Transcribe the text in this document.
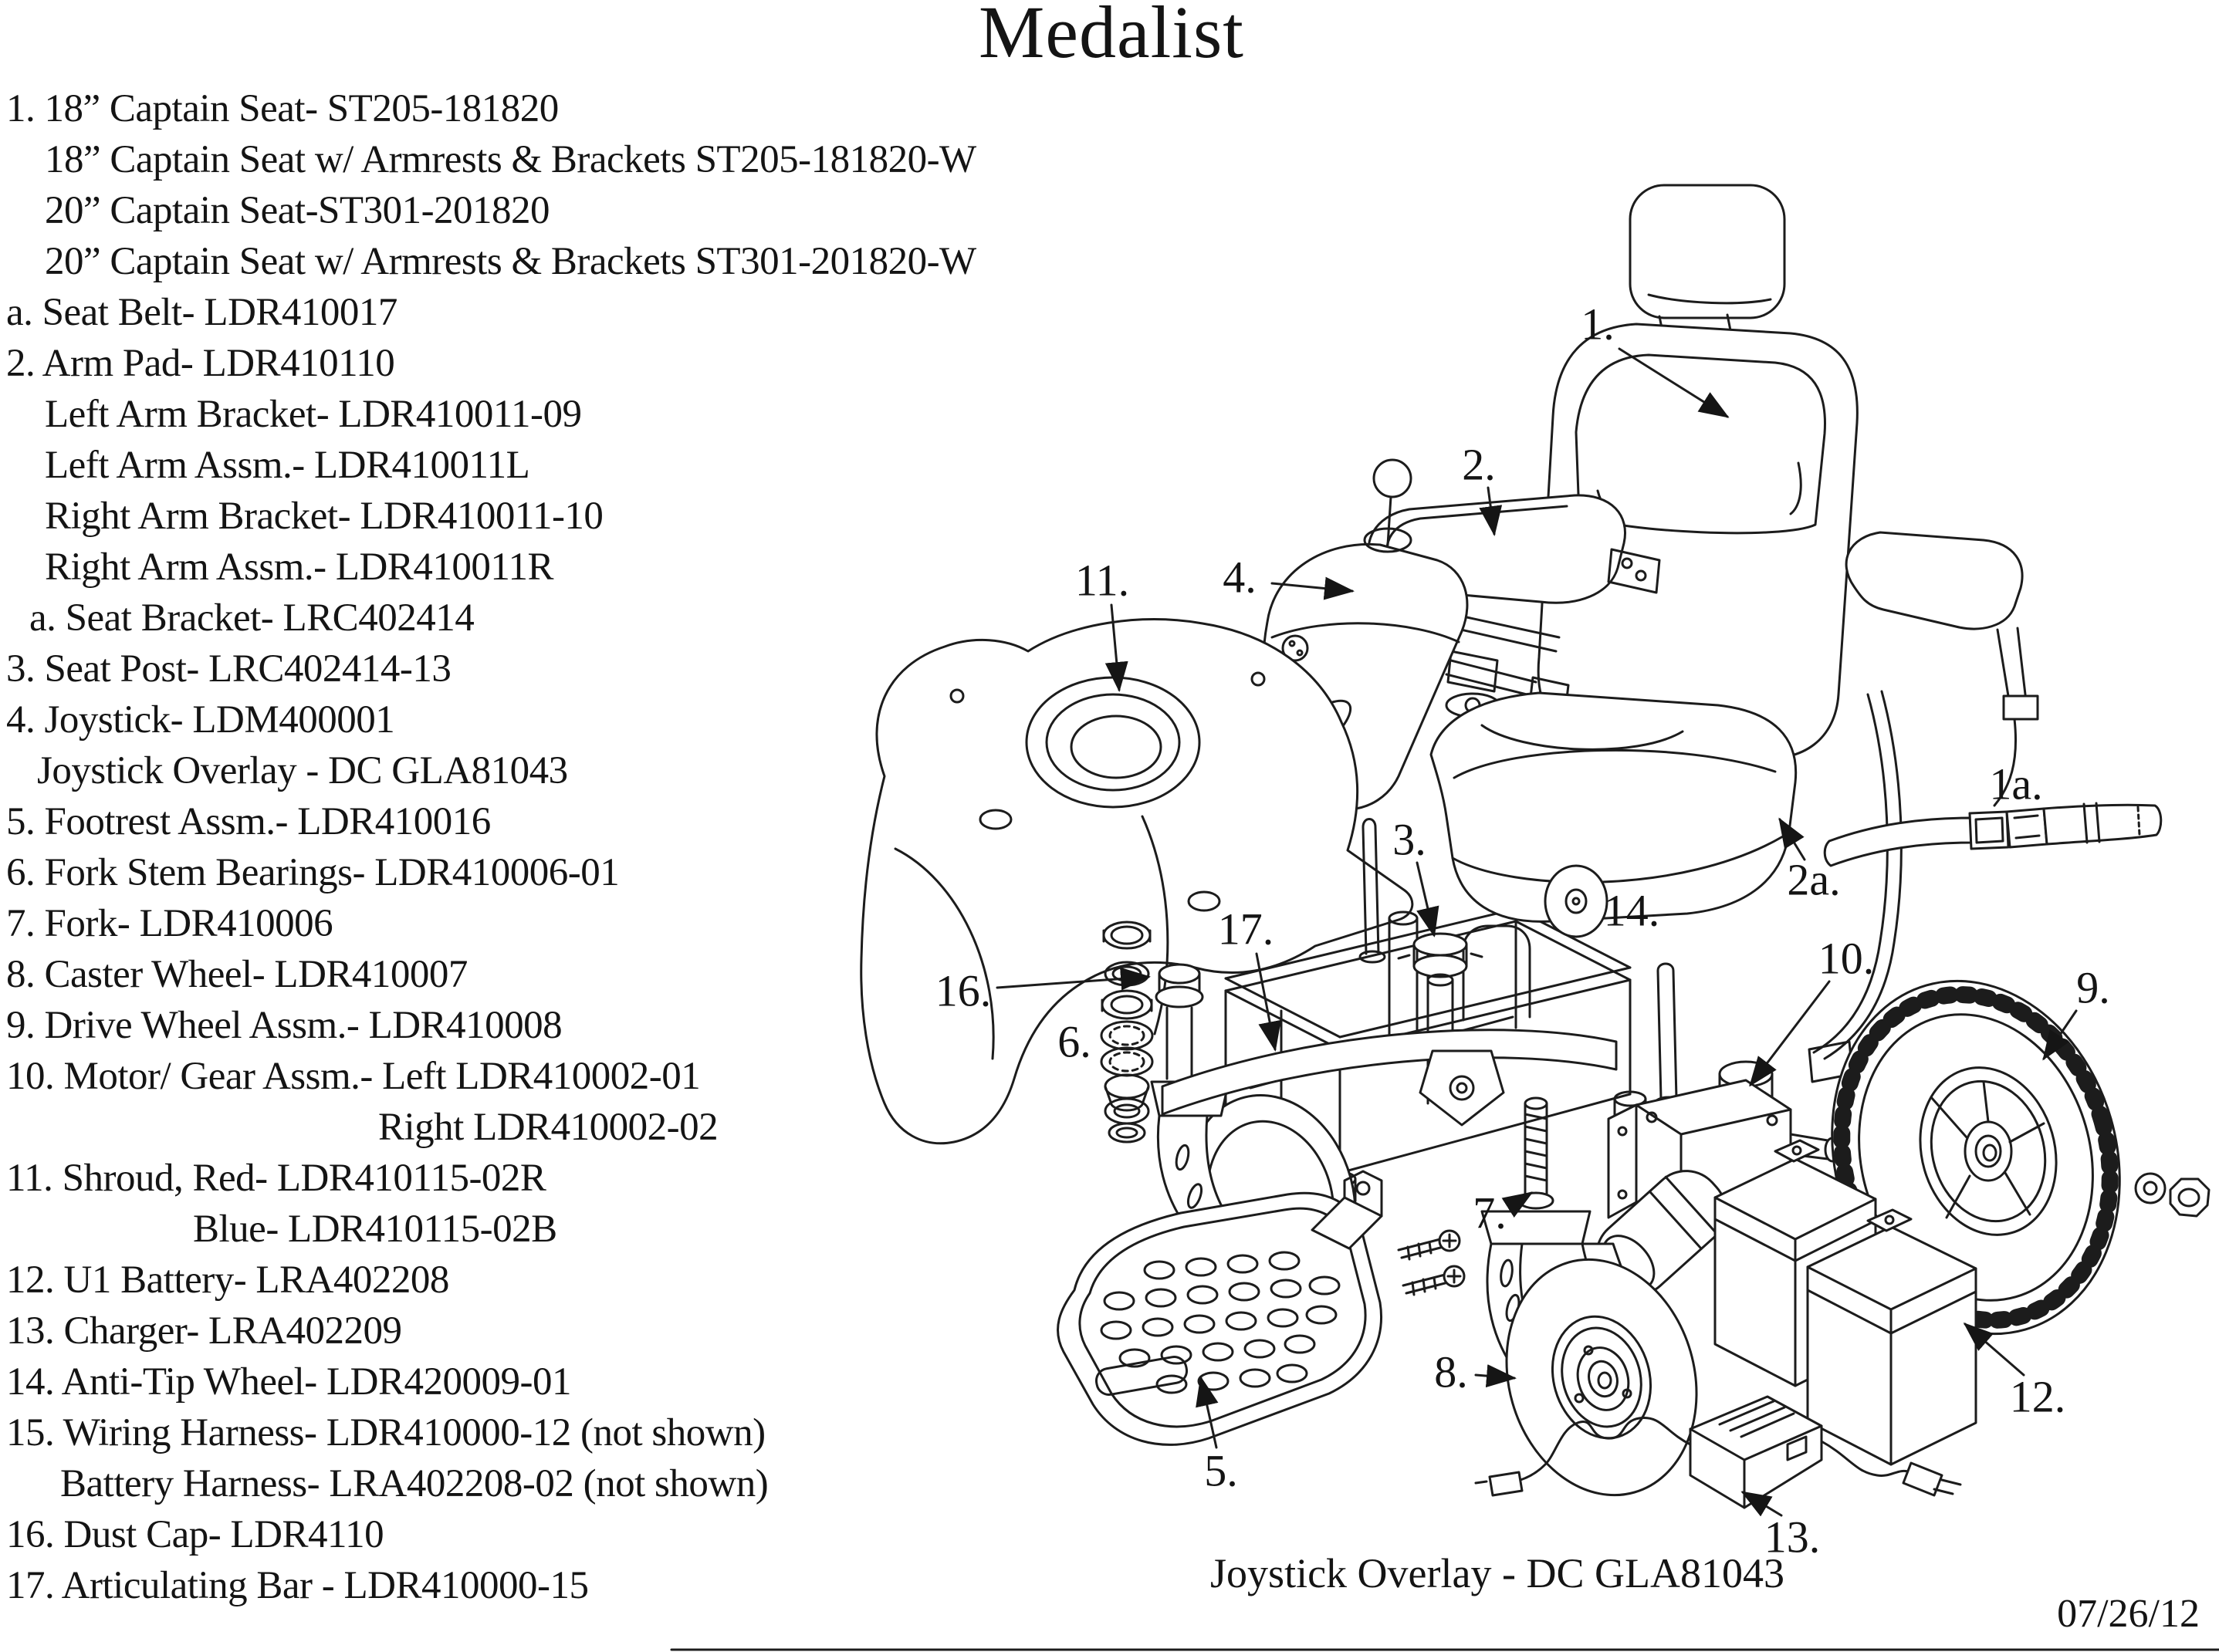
Medalist
1. 18” Captain Seat- ST205-181820
18” Captain Seat w/ Armrests & Brackets ST205-181820-W
20” Captain Seat-ST301-201820
20” Captain Seat w/ Armrests & Brackets ST301-201820-W
a. Seat Belt- LDR410017
2. Arm Pad- LDR410110
Left Arm Bracket- LDR410011-09
Left Arm Assm.- LDR410011L
Right Arm Bracket- LDR410011-10
Right Arm Assm.- LDR410011R
a. Seat Bracket- LRC402414
3. Seat Post- LRC402414-13
4. Joystick- LDM400001
Joystick Overlay - DC GLA81043
5. Footrest Assm.- LDR410016
6. Fork Stem Bearings- LDR410006-01
7. Fork- LDR410006
8. Caster Wheel- LDR410007
9. Drive Wheel Assm.- LDR410008
10. Motor/ Gear Assm.- Left LDR410002-01
Right LDR410002-02
11. Shroud, Red- LDR410115-02R
Blue- LDR410115-02B
12. U1 Battery- LRA402208
13. Charger- LRA402209
14. Anti-Tip Wheel- LDR420009-01
15. Wiring Harness- LDR410000-12 (not shown)
Battery Harness- LRA402208-02 (not shown)
16. Dust Cap- LDR4110
17. Articulating Bar - LDR410000-15
1.
2.
4.
11.
3.
1a.
2a.
14.
16.
17.
10.
9.
6.
7.
8.
5.
12.
13.
Joystick Overlay - DC GLA81043
07/26/12
